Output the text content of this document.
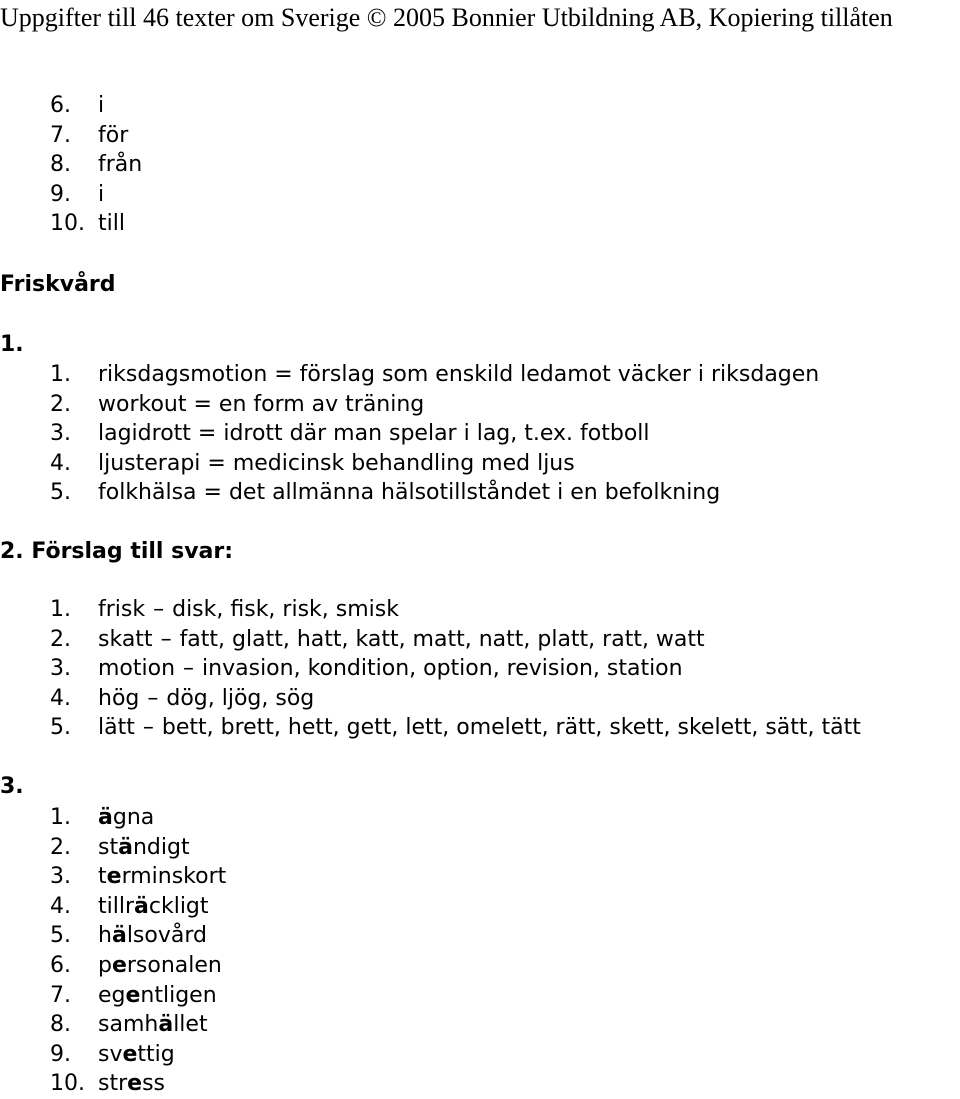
Uppgifter till 46 texter om Sverige © 2005 Bonnier Utbildning AB, Kopiering tillåten
6. i
7. för
8. från
9. i
10. till
Friskvård
1.
1. riksdagsmotion = förslag som enskild ledamot väcker i riksdagen
2. workout = en form av träning
3. lagidrott = idrott där man spelar i lag, t.ex. fotboll
4. ljusterapi = medicinsk behandling med ljus
5. folkhälsa = det allmänna hälsotillståndet i en befolkning
2. Förslag till svar:
1. frisk – disk, fisk, risk, smisk
2. skatt – fatt, glatt, hatt, katt, matt, natt, platt, ratt, watt
3. motion – invasion, kondition, option, revision, station
4. hög – dög, ljög, sög
5. lätt – bett, brett, hett, gett, lett, omelett, rätt, skett, skelett, sätt, tätt
3.
1. ägna
2. ständigt
3. terminskort
4. tillräckligt
5. hälsovård
6. personalen
7. egentligen
8. samhället
9. svettig
10. stress
